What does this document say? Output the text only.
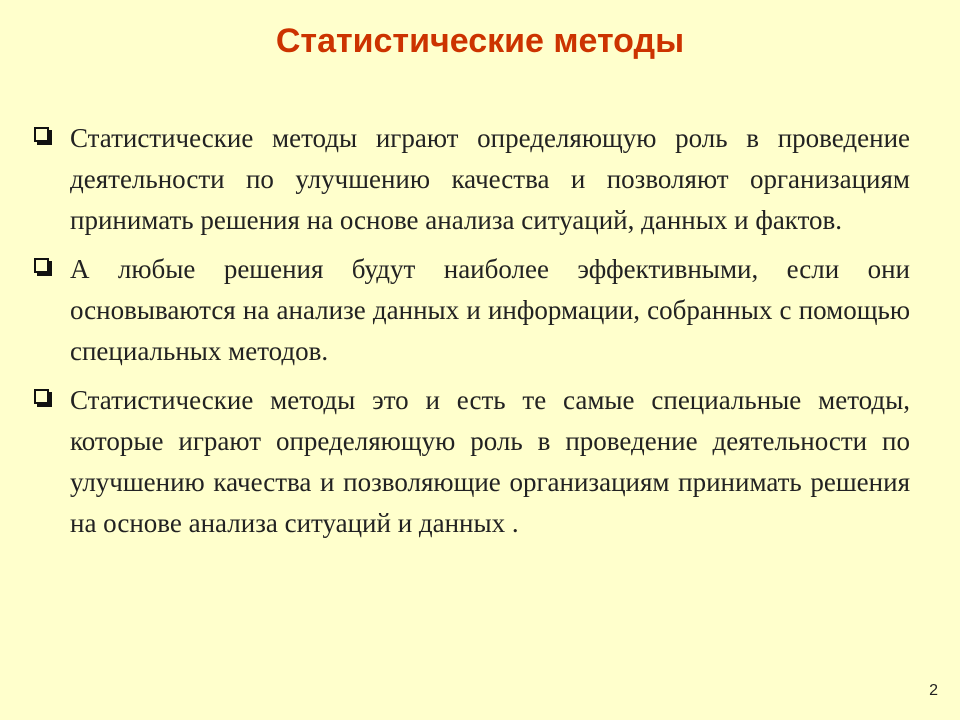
Статистические методы
Статистические методы играют определяющую роль в проведение деятельности по улучшению качества и позволяют организациям принимать решения на основе анализа ситуаций, данных и фактов.
А любые решения будут наиболее эффективными, если они основываются на анализе данных и информации, собранных с помощью специальных методов.
Статистические методы это и есть те самые специальные методы, которые играют определяющую роль в проведение деятельности по улучшению качества и позволяющие организациям принимать решения на основе анализа ситуаций и данных .
2
